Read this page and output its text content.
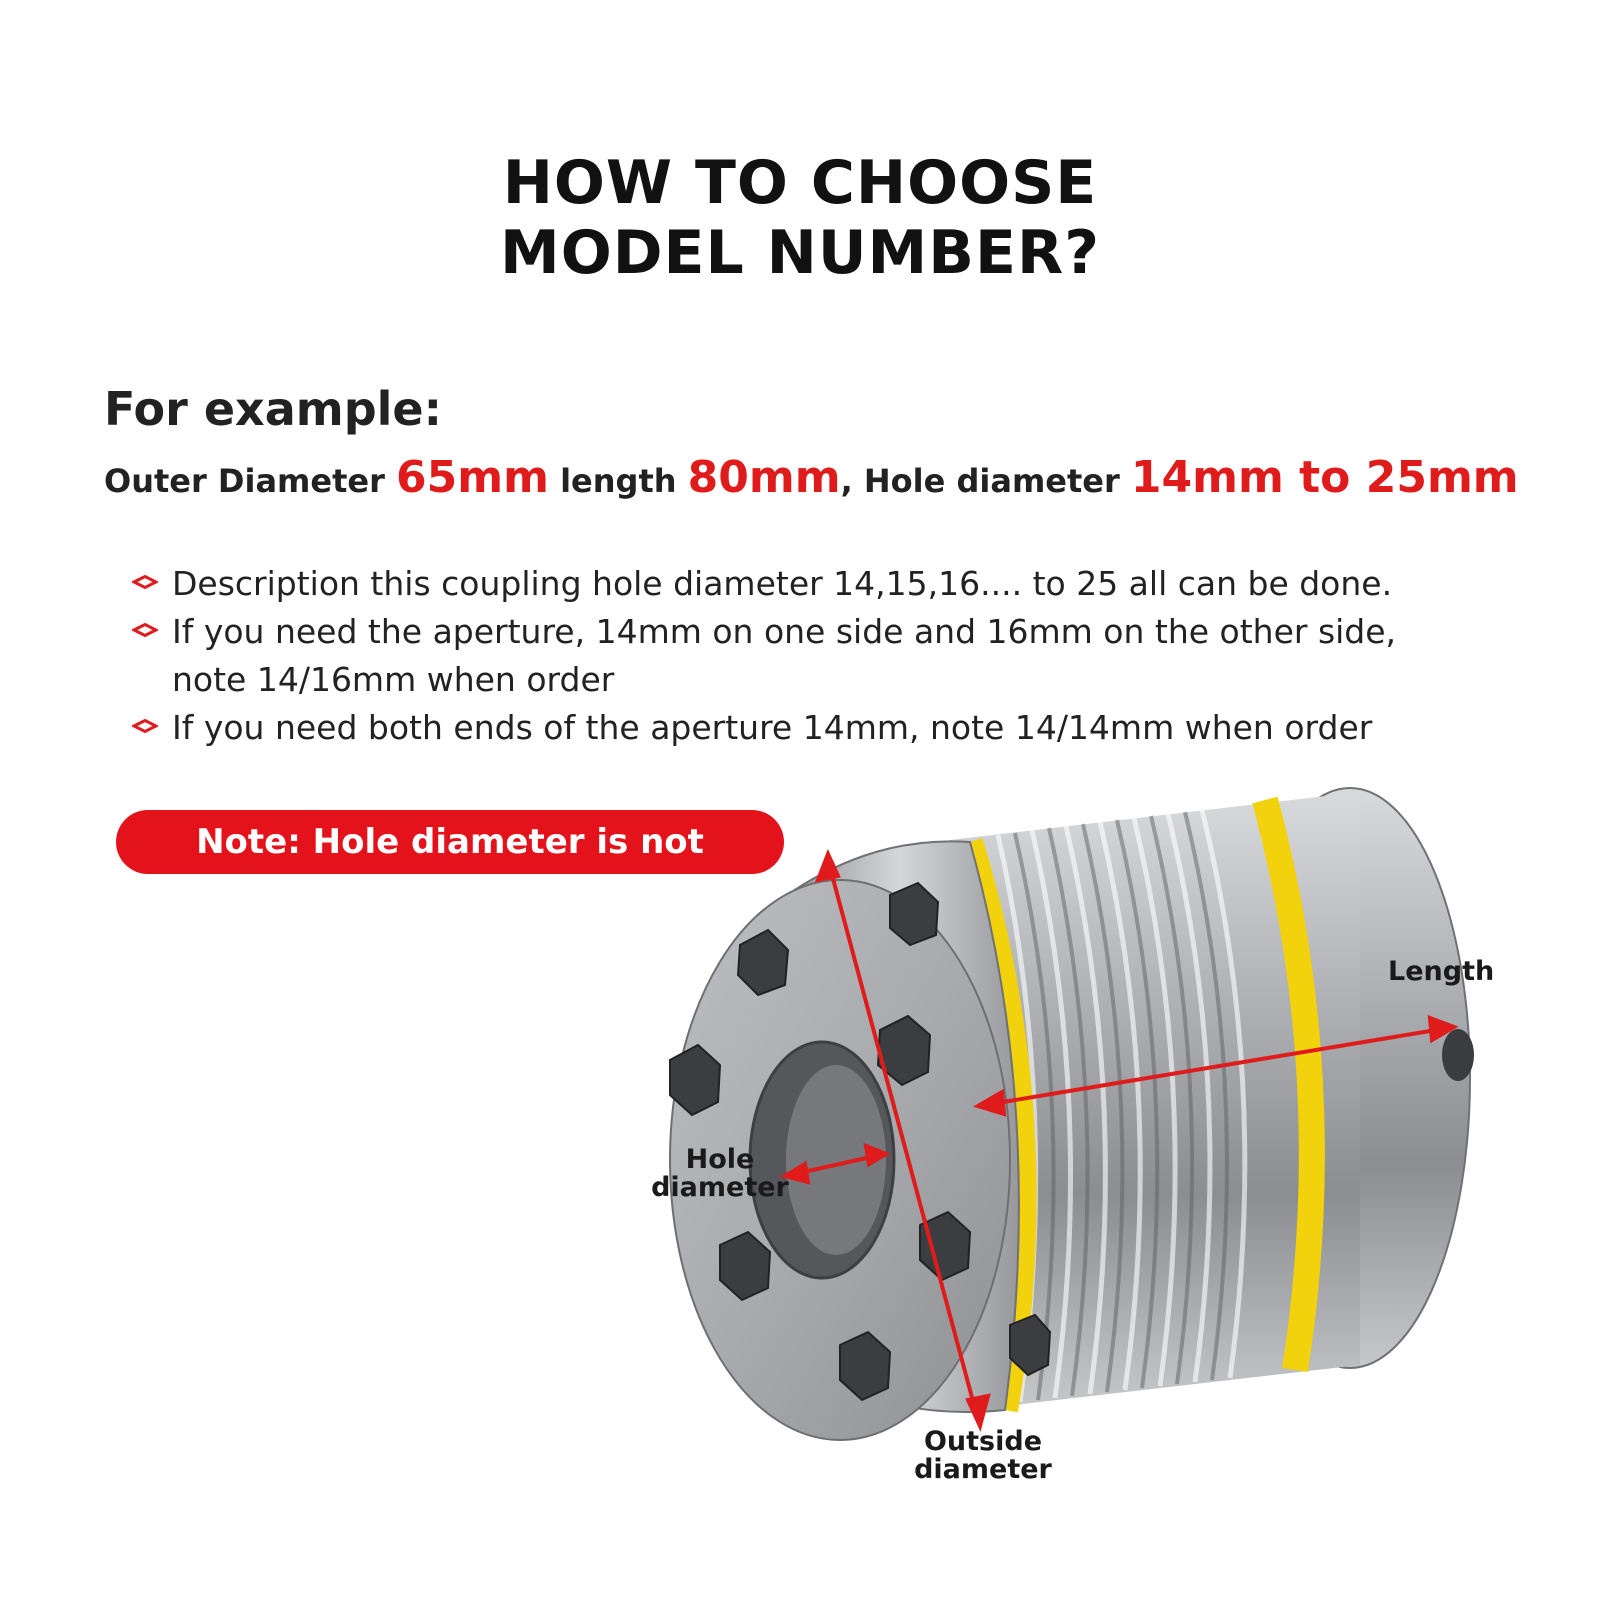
HOW TO CHOOSE
MODEL NUMBER?
For example:
Outer Diameter 65mm length 80mm, Hole diameter 14mm to 25mm
Description this coupling hole diameter 14,15,16.... to 25 all can be done.
If you need the aperture, 14mm on one side and 16mm on the other side, note 14/16mm when order
If you need both ends of the aperture 14mm, note 14/14mm when order
Note: Hole diameter is not adjustable
Length
Hole
diameter
Outside
diameter
